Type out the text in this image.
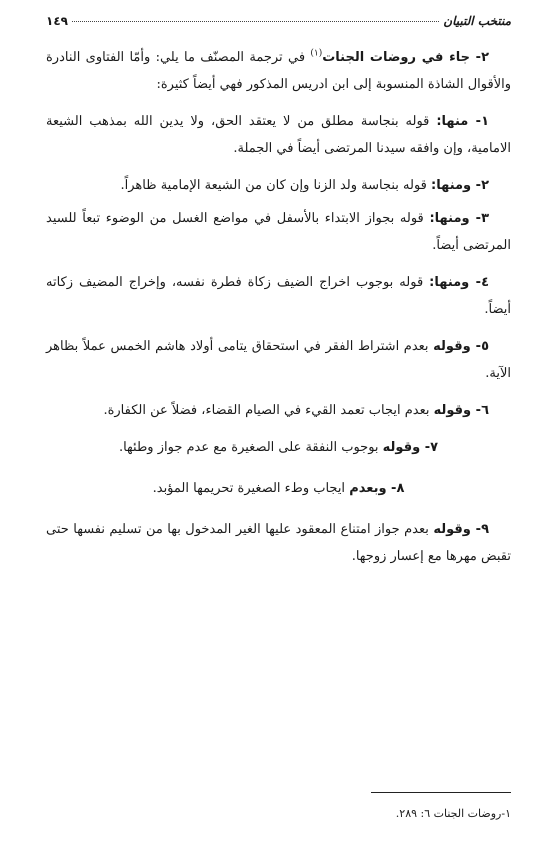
منتخب التبيان
١٤٩

٢- جاء في روضات الجنات$^{(١)}$ في ترجمة المصنّف ما يلي: وأمّا الفتاوى النادرة والأقوال الشاذة المنسوبة إلى ابن ادريس المذكور فهي أيضاً كثيرة:

١- منها: قوله بنجاسة مطلق من لا يعتقد الحق، ولا يدين الله بمذهب الشيعة الامامية، وإن وافقه سيدنا المرتضى أيضاً في الجملة.

٢- ومنها: قوله بنجاسة ولد الزنا وإن كان من الشيعة الإمامية ظاهراً.

٣- ومنها: قوله بجواز الابتداء بالأسفل في مواضع الغسل من الوضوء تبعاً للسيد المرتضى أيضاً.

٤- ومنها: قوله بوجوب اخراج الضيف زكاة فطرة نفسه، وإخراج المضيف زكاته أيضاً.

٥- وقوله بعدم اشتراط الفقر في استحقاق يتامى أولاد هاشم الخمس عملاً بظاهر الآية.

٦- وقوله بعدم ايجاب تعمد القيء في الصيام القضاء، فضلاً عن الكفارة.

٧- وقوله بوجوب النفقة على الصغيرة مع عدم جواز وطئها.

٨- وبعدم ايجاب وطء الصغيرة تحريمها المؤبد.

٩- وقوله بعدم جواز امتناع المعقود عليها الغير المدخول بها من تسليم نفسها حتى تقبض مهرها مع إعسار زوجها.

١-روضات الجنات ٦: ٢٨٩.
